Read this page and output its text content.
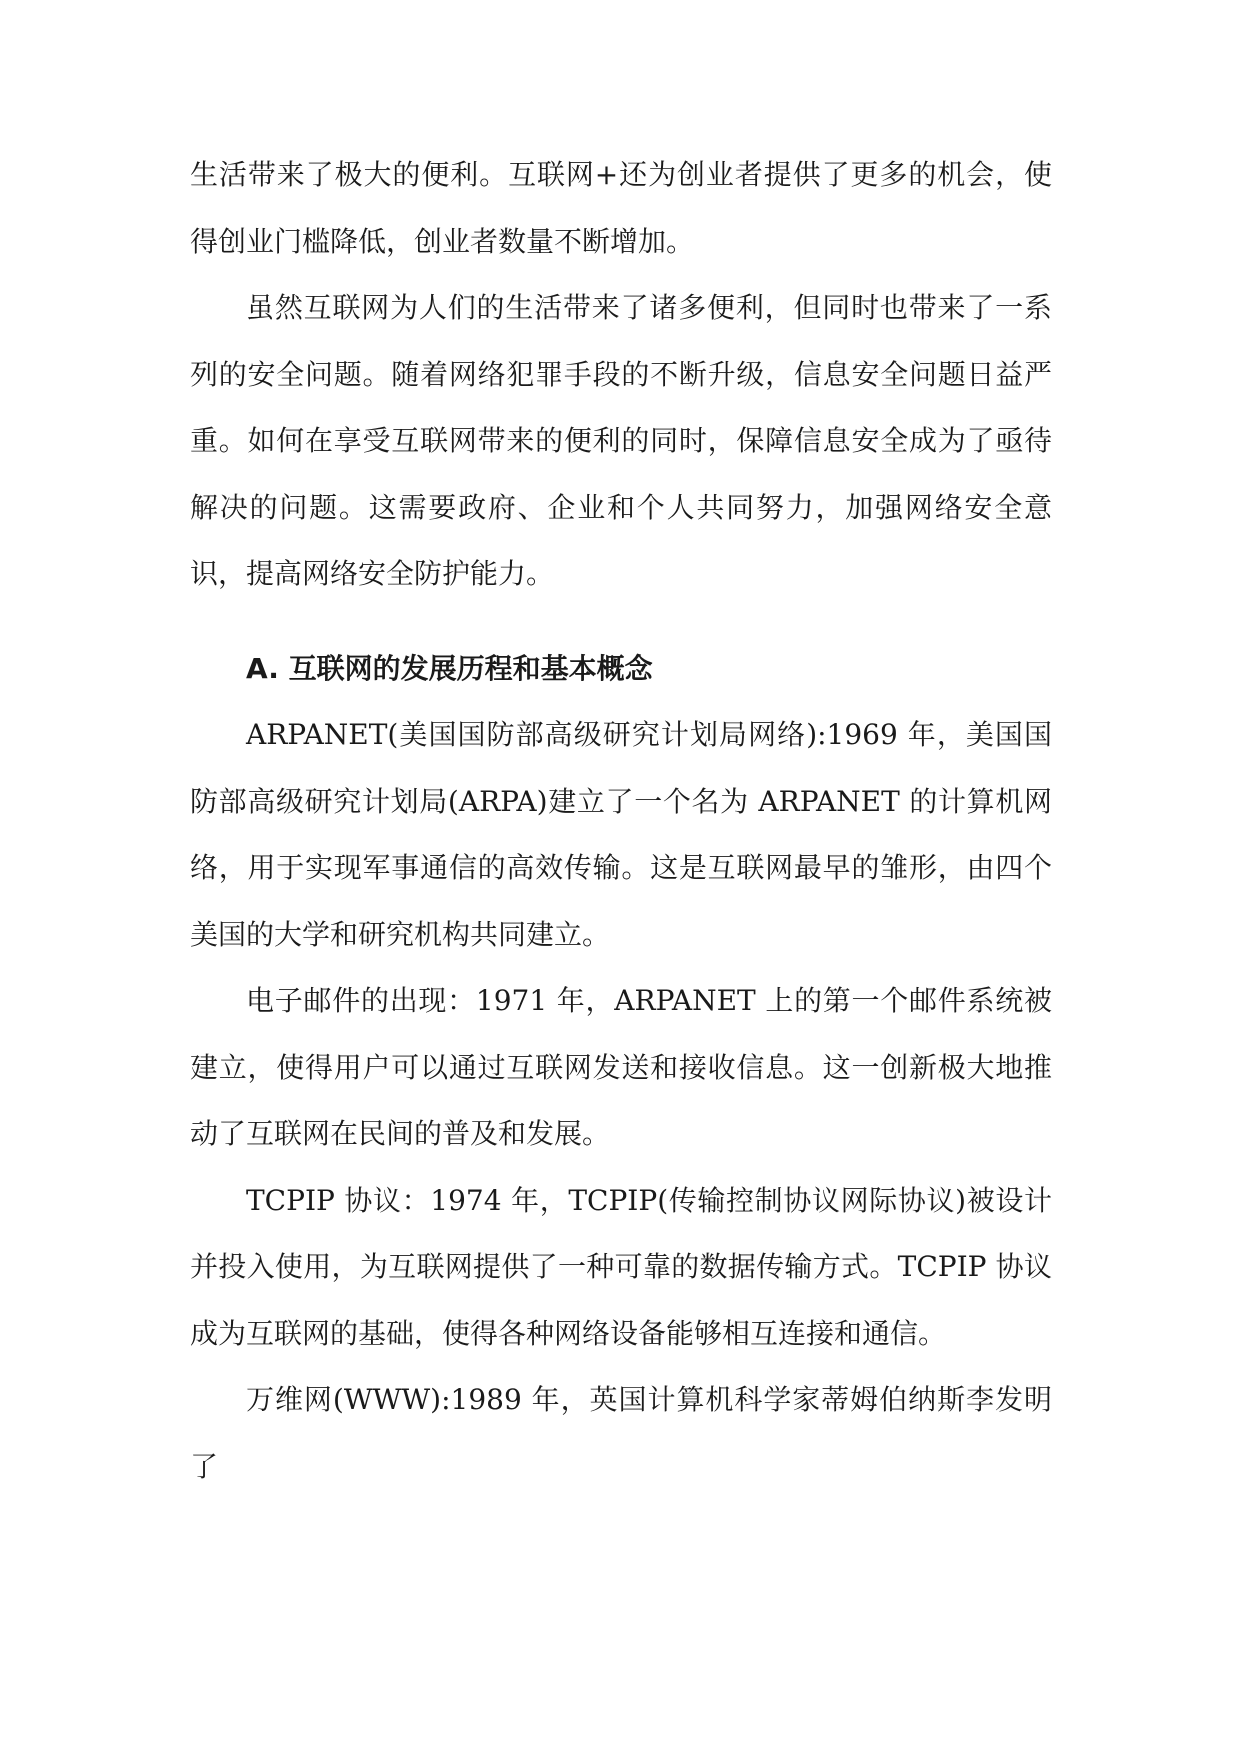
生活带来了极大的便利。互联网+还为创业者提供了更多的机会，使得创业门槛降低，创业者数量不断增加。

虽然互联网为人们的生活带来了诸多便利，但同时也带来了一系列的安全问题。随着网络犯罪手段的不断升级，信息安全问题日益严重。如何在享受互联网带来的便利的同时，保障信息安全成为了亟待解决的问题。这需要政府、企业和个人共同努力，加强网络安全意识，提高网络安全防护能力。

A. 互联网的发展历程和基本概念

ARPANET(美国国防部高级研究计划局网络):1969 年，美国国防部高级研究计划局(ARPA)建立了一个名为 ARPANET 的计算机网络，用于实现军事通信的高效传输。这是互联网最早的雏形，由四个美国的大学和研究机构共同建立。

电子邮件的出现：1971 年，ARPANET 上的第一个邮件系统被建立，使得用户可以通过互联网发送和接收信息。这一创新极大地推动了互联网在民间的普及和发展。

TCPIP 协议：1974 年，TCPIP(传输控制协议网际协议)被设计并投入使用，为互联网提供了一种可靠的数据传输方式。TCPIP 协议成为互联网的基础，使得各种网络设备能够相互连接和通信。

万维网(WWW):1989 年，英国计算机科学家蒂姆伯纳斯李发明了
